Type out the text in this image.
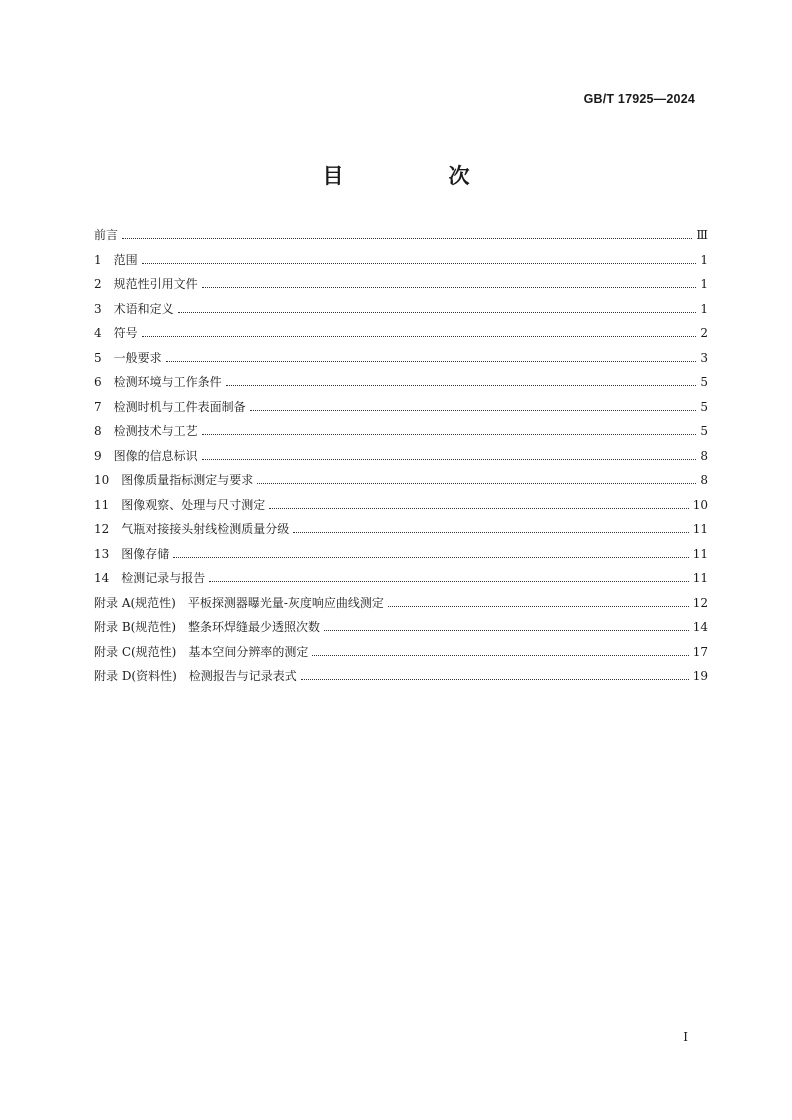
GB/T 17925—2024
目　次
前言	Ⅲ
1　范围	1
2　规范性引用文件	1
3　术语和定义	1
4　符号	2
5　一般要求	3
6　检测环境与工作条件	5
7　检测时机与工件表面制备	5
8　检测技术与工艺	5
9　图像的信息标识	8
10　图像质量指标测定与要求	8
11　图像观察、处理与尺寸测定	10
12　气瓶对接接头射线检测质量分级	11
13　图像存储	11
14　检测记录与报告	11
附录 A(规范性)　平板探测器曝光量-灰度响应曲线测定	12
附录 B(规范性)　整条环焊缝最少透照次数	14
附录 C(规范性)　基本空间分辨率的测定	17
附录 D(资料性)　检测报告与记录表式	19
I
